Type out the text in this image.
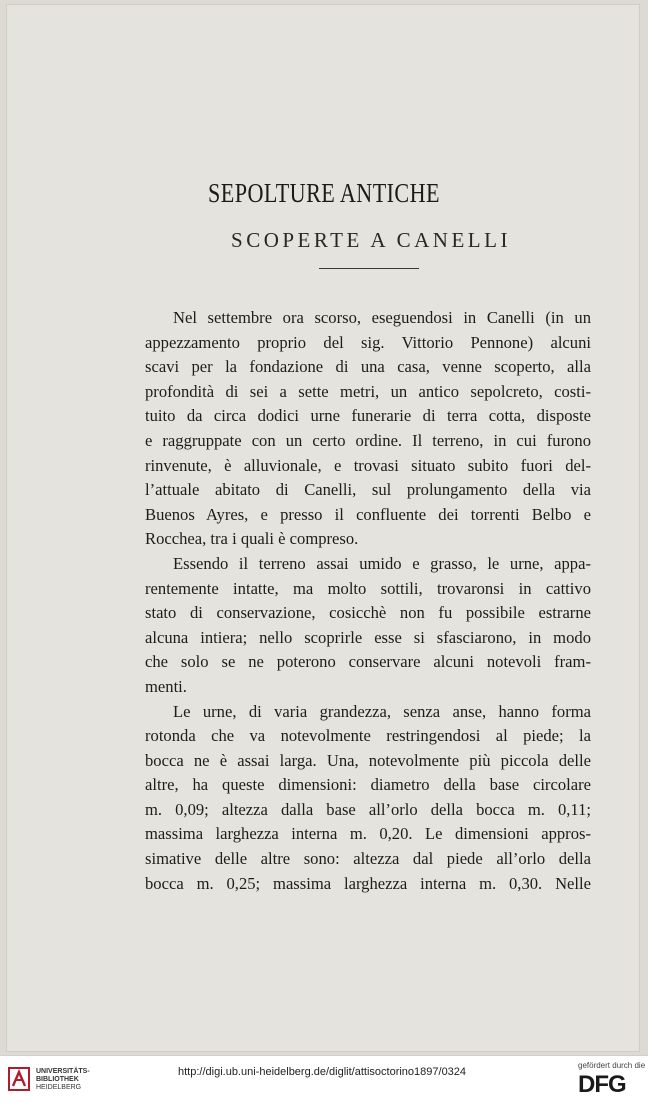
SEPOLTURE ANTICHE
SCOPERTE A CANELLI

Nel settembre ora scorso, eseguendosi in Canelli (in un

appezzamento proprio del sig. Vittorio Pennone) alcuni

scavi per la fondazione di una casa, venne scoperto, alla

profondità di sei a sette metri, un antico sepolcreto, costi-

tuito da circa dodici urne funerarie di terra cotta, disposte

e raggruppate con un certo ordine. Il terreno, in cui furono

rinvenute, è alluvionale, e trovasi situato subito fuori del-

l’attuale abitato di Canelli, sul prolungamento della via

Buenos Ayres, e presso il confluente dei torrenti Belbo e

Rocchea, tra i quali è compreso.

Essendo il terreno assai umido e grasso, le urne, appa-

rentemente intatte, ma molto sottili, trovaronsi in cattivo

stato di conservazione, cosicchè non fu possibile estrarne

alcuna intiera; nello scoprirle esse si sfasciarono, in modo

che solo se ne poterono conservare alcuni notevoli fram-

menti.

Le urne, di varia grandezza, senza anse, hanno forma

rotonda che va notevolmente restringendosi al piede; la

bocca ne è assai larga. Una, notevolmente più piccola delle

altre, ha queste dimensioni: diametro della base circolare

m. 0,09; altezza dalla base all’orlo della bocca m. 0,11;

massima larghezza interna m. 0,20. Le dimensioni appros-

simative delle altre sono: altezza dal piede all’orlo della

bocca m. 0,25; massima larghezza interna m. 0,30. Nelle

UNIVERSITÄTS-
BIBLIOTHEK
HEIDELBERG
http://digi.ub.uni-heidelberg.de/diglit/attisoctorino1897/0324
gefördert durch die
DFG
